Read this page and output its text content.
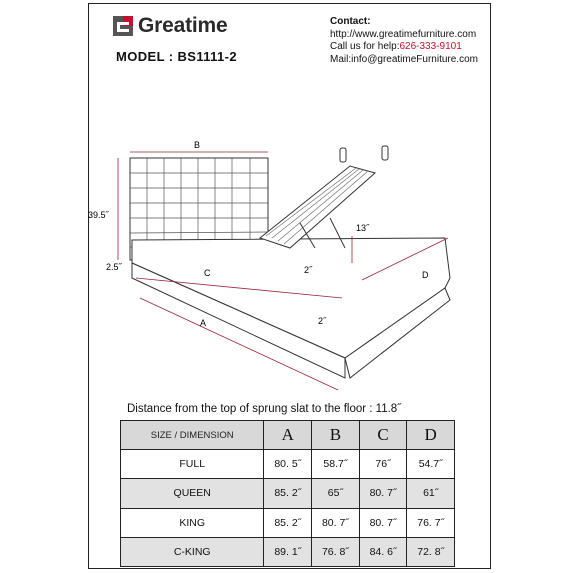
Greatime
MODEL : BS1111-2
Contact:
http://www.greatimefurniture.com
Call us for help:626-333-9101
Mail:info@greatimeFurniture.com
B
39.5˝
2.5˝
C
A
D
13˝
2˝
2˝
Distance from the top of sprung slat to the floor : 11.8˝
SIZE / DIMENSION	A	B	C	D
FULL	80. 5˝	58.7˝	76˝	54.7˝
QUEEN	85. 2˝	65˝	80. 7˝	61˝
KING	85. 2˝	80. 7˝	80. 7˝	76. 7˝
C-KING	89. 1˝	76. 8˝	84. 6˝	72. 8˝
